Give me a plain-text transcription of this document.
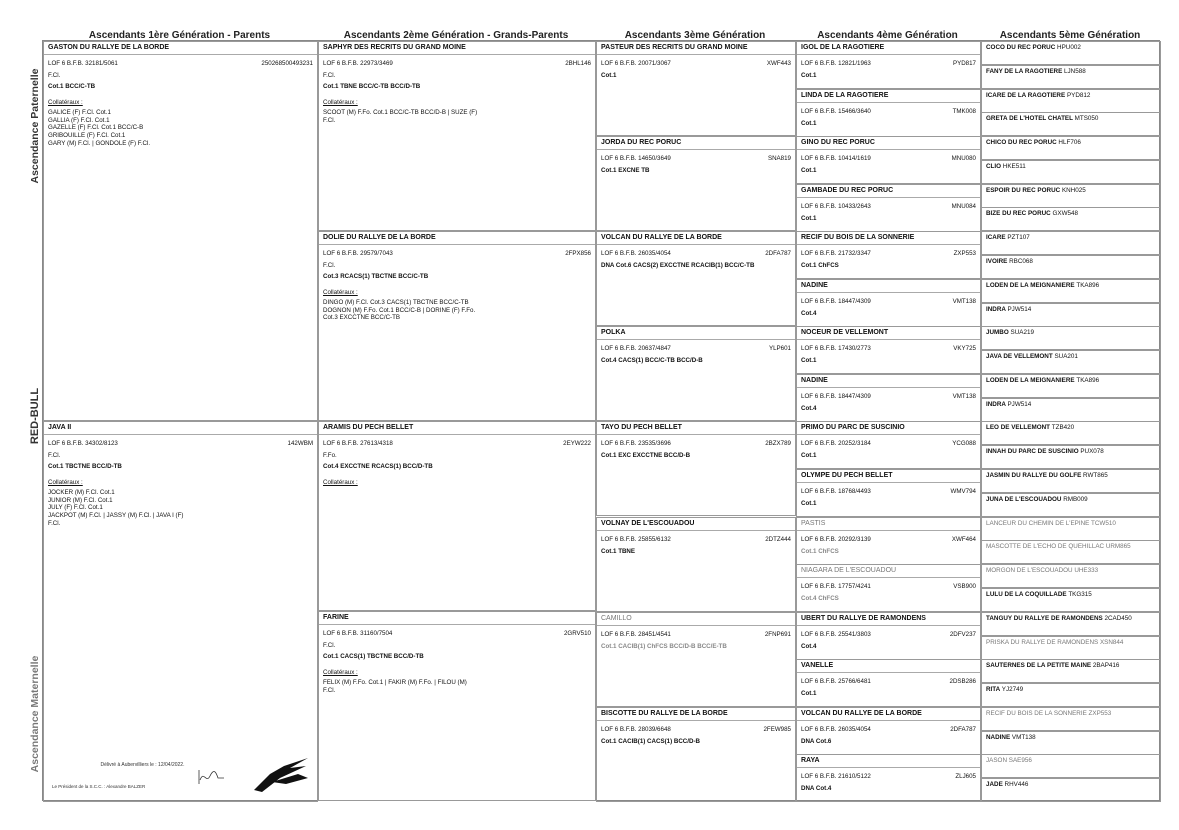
Ascendants 1ère Génération - Parents	Ascendants 2ème Génération - Grands-Parents	Ascendants 3ème Génération	Ascendants 4ème Génération	Ascendants 5ème Génération
Ascendance Paternelle
RED-BULL
Ascendance Maternelle
GASTON DU RALLYE DE LA BORDE
LOF 6 B.F.B. 32181/5061	250268500493231
F.Cl.
Cot.1 BCC/C-TB
Collatéraux :
GALICE (F) F.Cl. Cot.1
GALLIA (F) F.Cl. Cot.1
GAZELLE (F) F.Cl. Cot.1 BCC/C-B
GRIBOUILLE (F) F.Cl. Cot.1
GARY (M) F.Cl. | GONDOLE (F) F.Cl.
JAVA II
LOF 6 B.F.B. 34302/8123	142WBM
F.Cl.
Cot.1 TBCTNE BCC/D-TB
Collatéraux :
JOCKER (M) F.Cl. Cot.1
JUNIOR (M) F.Cl. Cot.1
JULY (F) F.Cl. Cot.1
JACKPOT (M) F.Cl. | JASSY (M) F.Cl. | JAVA I (F)
F.Cl.
SAPHYR DES RECRITS DU GRAND MOINE
LOF 6 B.F.B. 22973/3469	2BHL146
F.Cl.
Cot.1 TBNE BCC/C-TB BCC/D-TB
Collatéraux :
SCOOT (M) F.Fo. Cot.1 BCC/C-TB BCC/D-B | SUZE (F)
F.Cl.
DOLIE DU RALLYE DE LA BORDE
LOF 6 B.F.B. 29579/7043	2FPX856
F.Cl.
Cot.3 RCACS(1) TBCTNE BCC/C-TB
Collatéraux :
DINGO (M) F.Cl. Cot.3 CACS(1) TBCTNE BCC/C-TB
DOGNON (M) F.Fo. Cot.1 BCC/C-B | DORINE (F) F.Fo.
Cot.3 EXCCTNE BCC/C-TB
ARAMIS DU PECH BELLET
LOF 6 B.F.B. 27613/4318	2EYW222
F.Fo.
Cot.4 EXCCTNE RCACS(1) BCC/D-TB
Collatéraux :
FARINE
LOF 6 B.F.B. 31160/7504	2GRV510
F.Cl.
Cot.1 CACS(1) TBCTNE BCC/D-TB
Collatéraux :
FELIX (M) F.Fo. Cot.1 | FAKIR (M) F.Fo. | FILOU (M)
F.Cl.
PASTEUR DES RECRITS DU GRAND MOINE
LOF 6 B.F.B. 20071/3067	XWF443
Cot.1
JORDA DU REC PORUC
LOF 6 B.F.B. 14650/3649	SNA819
Cot.1 EXCNE TB
VOLCAN DU RALLYE DE LA BORDE
LOF 6 B.F.B. 26035/4054	2DFA787
DNA Cot.6 CACS(2) EXCCTNE RCACIB(1) BCC/C-TB
POLKA
LOF 6 B.F.B. 20637/4847	YLP601
Cot.4 CACS(1) BCC/C-TB BCC/D-B
TAYO DU PECH BELLET
LOF 6 B.F.B. 23535/3696	2BZX789
Cot.1 EXC EXCCTNE BCC/D-B
VOLNAY DE L'ESCOUADOU
LOF 6 B.F.B. 25855/6132	2DTZ444
Cot.1 TBNE
CAMILLO
LOF 6 B.F.B. 28451/4541	2FNP691
Cot.1 CACIB(1) ChFCS BCC/D-B BCC/E-TB
BISCOTTE DU RALLYE DE LA BORDE
LOF 6 B.F.B. 28039/6648	2FEW985
Cot.1 CACIB(1) CACS(1) BCC/D-B
IGOL DE LA RAGOTIERE
LOF 6 B.F.B. 12821/1963	PYD817
Cot.1
LINDA DE LA RAGOTIERE
LOF 6 B.F.B. 15466/3640	TMK008
Cot.1
GINO DU REC PORUC
LOF 6 B.F.B. 10414/1619	MNU080
Cot.1
GAMBADE DU REC PORUC
LOF 6 B.F.B. 10433/2643	MNU084
Cot.1
RECIF DU BOIS DE LA SONNERIE
LOF 6 B.F.B. 21732/3347	ZXP553
Cot.1 ChFCS
NADINE
LOF 6 B.F.B. 18447/4309	VMT138
Cot.4
NOCEUR DE VELLEMONT
LOF 6 B.F.B. 17430/2773	VKY725
Cot.1
NADINE
LOF 6 B.F.B. 18447/4309	VMT138
Cot.4
PRIMO DU PARC DE SUSCINIO
LOF 6 B.F.B. 20252/3184	YCG088
Cot.1
OLYMPE DU PECH BELLET
LOF 6 B.F.B. 18768/4493	WMV794
Cot.1
PASTIS
LOF 6 B.F.B. 20292/3139	XWF464
Cot.1 ChFCS
NIAGARA DE L'ESCOUADOU
LOF 6 B.F.B. 17757/4241	VSB900
Cot.4 ChFCS
UBERT DU RALLYE DE RAMONDENS
LOF 6 B.F.B. 25541/3803	2DFV237
Cot.4
VANELLE
LOF 6 B.F.B. 25766/6481	2DSB286
Cot.1
VOLCAN DU RALLYE DE LA BORDE
LOF 6 B.F.B. 26035/4054	2DFA787
DNA Cot.6
RAYA
LOF 6 B.F.B. 21610/5122	ZLJ605
DNA Cot.4
COCO DU REC PORUC HPU002
FANY DE LA RAGOTIERE LJN588
ICARE DE LA RAGOTIERE PYD812
GRETA DE L'HOTEL CHATEL MTS050
CHICO DU REC PORUC HLF706
CLIO HKE511
ESPOIR DU REC PORUC KNH025
BIZE DU REC PORUC GXW548
ICARE PZT107
IVOIRE RBC068
LODEN DE LA MEIGNANIERE TKA896
INDRA PJW514
JUMBO SUA219
JAVA DE VELLEMONT SUA201
LODEN DE LA MEIGNANIERE TKA896
INDRA PJW514
LEO DE VELLEMONT TZB420
INNAH DU PARC DE SUSCINIO PUX078
JASMIN DU RALLYE DU GOLFE RWT865
JUNA DE L'ESCOUADOU RMB009
LANCEUR DU CHEMIN DE L'EPINE TCW510
MASCOTTE DE L'ECHO DE QUEHILLAC URM865
MORGON DE L'ESCOUADOU UHE333
LULU DE LA COQUILLADE TKG315
TANGUY DU RALLYE DE RAMONDENS 2CAD450
PRISKA DU RALLYE DE RAMONDENS XSN844
SAUTERNES DE LA PETITE MAINE 2BAP416
RITA YJ2749
RECIF DU BOIS DE LA SONNERIE ZXP553
NADINE VMT138
JASON SAE956
JADE RHV446
Délivré à Aubervilliers le : 12/04/2022.
Le Président de la S.C.C. : Alexandre BALZER
